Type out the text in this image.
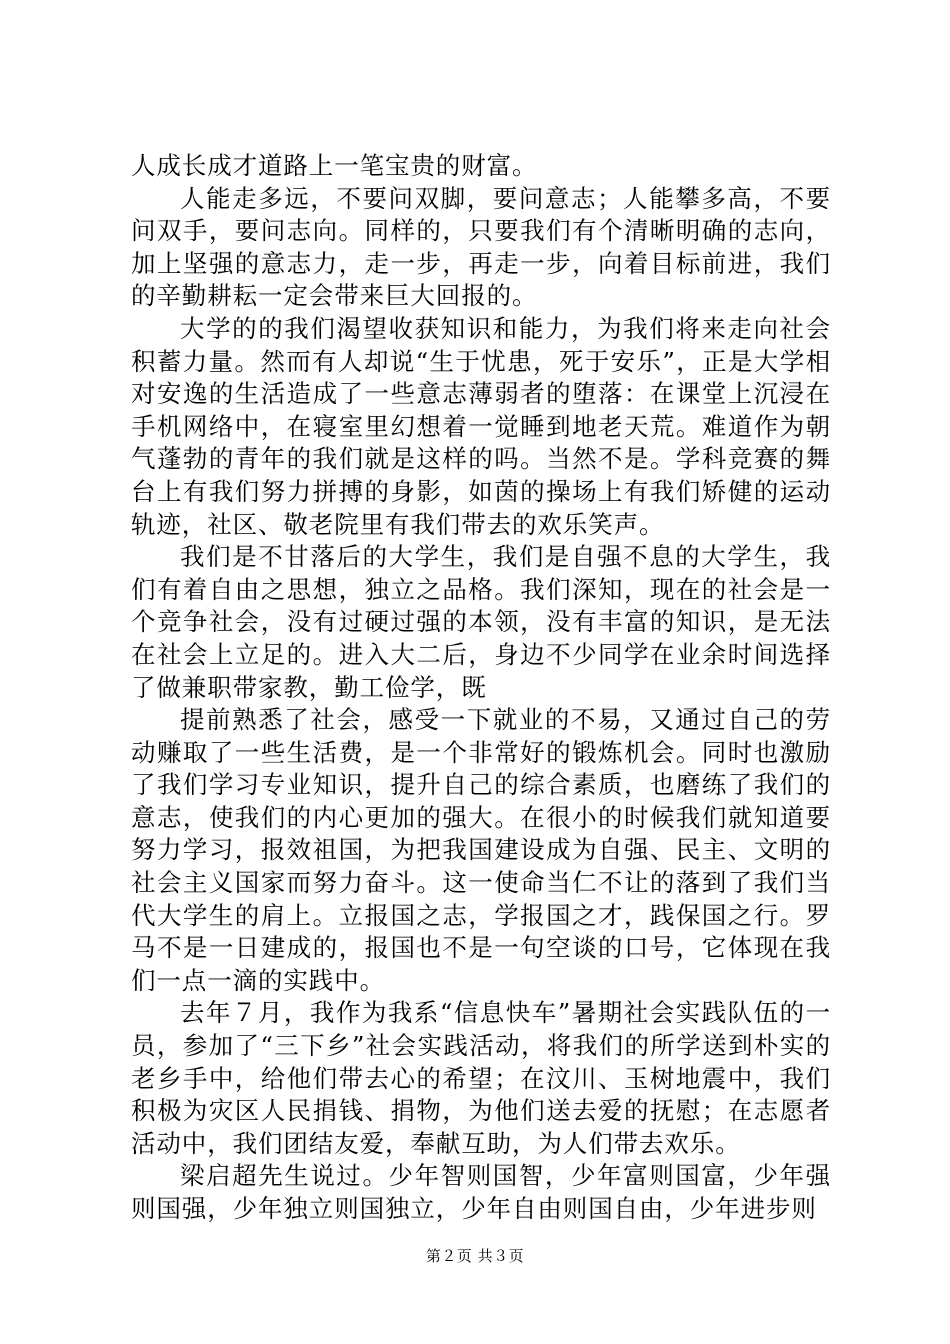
人成长成才道路上一笔宝贵的财富。

人能走多远，不要问双脚，要问意志；人能攀多高，不要问双手，要问志向。同样的，只要我们有个清晰明确的志向，加上坚强的意志力，走一步，再走一步，向着目标前进，我们的辛勤耕耘一定会带来巨大回报的。

大学的的我们渴望收获知识和能力，为我们将来走向社会积蓄力量。然而有人却说“生于忧患，死于安乐”，正是大学相对安逸的生活造成了一些意志薄弱者的堕落：在课堂上沉浸在手机网络中，在寝室里幻想着一觉睡到地老天荒。难道作为朝气蓬勃的青年的我们就是这样的吗。当然不是。学科竞赛的舞台上有我们努力拼搏的身影，如茵的操场上有我们矫健的运动轨迹，社区、敬老院里有我们带去的欢乐笑声。

我们是不甘落后的大学生，我们是自强不息的大学生，我们有着自由之思想，独立之品格。我们深知，现在的社会是一个竞争社会，没有过硬过强的本领，没有丰富的知识，是无法在社会上立足的。进入大二后，身边不少同学在业余时间选择了做兼职带家教，勤工俭学，既

提前熟悉了社会，感受一下就业的不易，又通过自己的劳动赚取了一些生活费，是一个非常好的锻炼机会。同时也激励了我们学习专业知识，提升自己的综合素质，也磨练了我们的意志，使我们的内心更加的强大。在很小的时候我们就知道要努力学习，报效祖国，为把我国建设成为自强、民主、文明的社会主义国家而努力奋斗。这一使命当仁不让的落到了我们当代大学生的肩上。立报国之志，学报国之才，践保国之行。罗马不是一日建成的，报国也不是一句空谈的口号，它体现在我们一点一滴的实践中。

去年７月，我作为我系“信息快车”暑期社会实践队伍的一员，参加了“三下乡”社会实践活动，将我们的所学送到朴实的老乡手中，给他们带去心的希望；在汶川、玉树地震中，我们积极为灾区人民捐钱、捐物，为他们送去爱的抚慰；在志愿者活动中，我们团结友爱，奉献互助，为人们带去欢乐。

梁启超先生说过。少年智则国智，少年富则国富，少年强则国强，少年独立则国独立，少年自由则国自由，少年进步则

第２页 共３页
